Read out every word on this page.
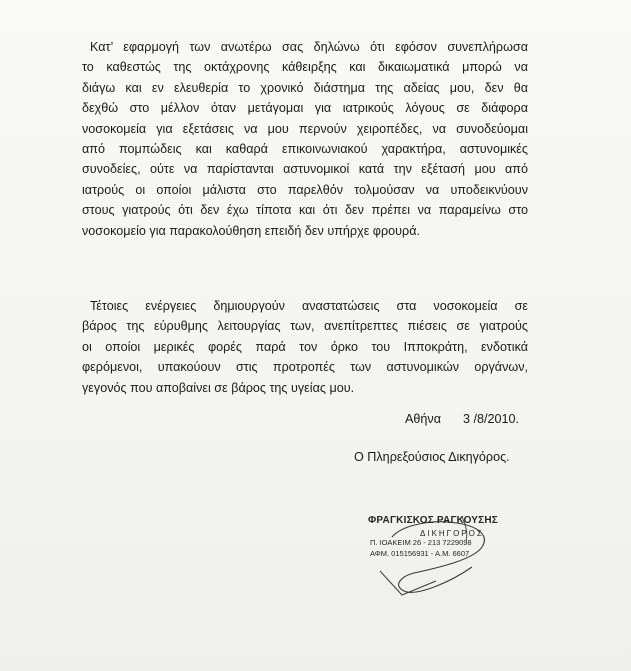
Κατ’ εφαρμογή των ανωτέρω σας δηλώνω ότι εφόσον συνεπλήρωσα
το καθεστώς της οκτάχρονης κάθειρξης και δικαιωματικά μπορώ να
διάγω και εν ελευθερία το χρονικό διάστημα της αδείας μου, δεν θα
δεχθώ στο μέλλον όταν μετάγομαι για ιατρικούς λόγους σε διάφορα
νοσοκομεία για εξετάσεις να μου περνούν χειροπέδες, να συνοδεύομαι
από πομπώδεις και καθαρά επικοινωνιακού χαρακτήρα, αστυνομικές
συνοδείες, ούτε να παρίστανται αστυνομικοί κατά την εξέτασή μου από
ιατρούς οι οποίοι μάλιστα στο παρελθόν τολμούσαν να υποδεικνύουν
στους γιατρούς ότι δεν έχω τίποτα και ότι δεν πρέπει να παραμείνω στο
νοσοκομείο για παρακολούθηση επειδή δεν υπήρχε φρουρά.
Τέτοιες ενέργειες δημιουργούν αναστατώσεις στα νοσοκομεία σε
βάρος της εύρυθμης λειτουργίας των, ανεπίτρεπτες πιέσεις σε γιατρούς
οι οποίοι μερικές φορές παρά τον όρκο του Ιπποκράτη, ενδοτικά
φερόμενοι, υπακούουν στις προτροπές των αστυνομικών οργάνων,
γεγονός που αποβαίνει σε βάρος της υγείας μου.
Αθήνα 3 /8/2010.
Ο Πληρεξούσιος Δικηγόρος.
ΦΡΑΓΚΙΣΚΟΣ ΡΑΓΚΟΥΣΗΣ
ΔΙΚΗΓΟΡΟΣ
Π. ΙΟΑΚΕΙΜ 26 - 213 7229098
ΑΦΜ. 015156931 - Α.Μ. 6607
